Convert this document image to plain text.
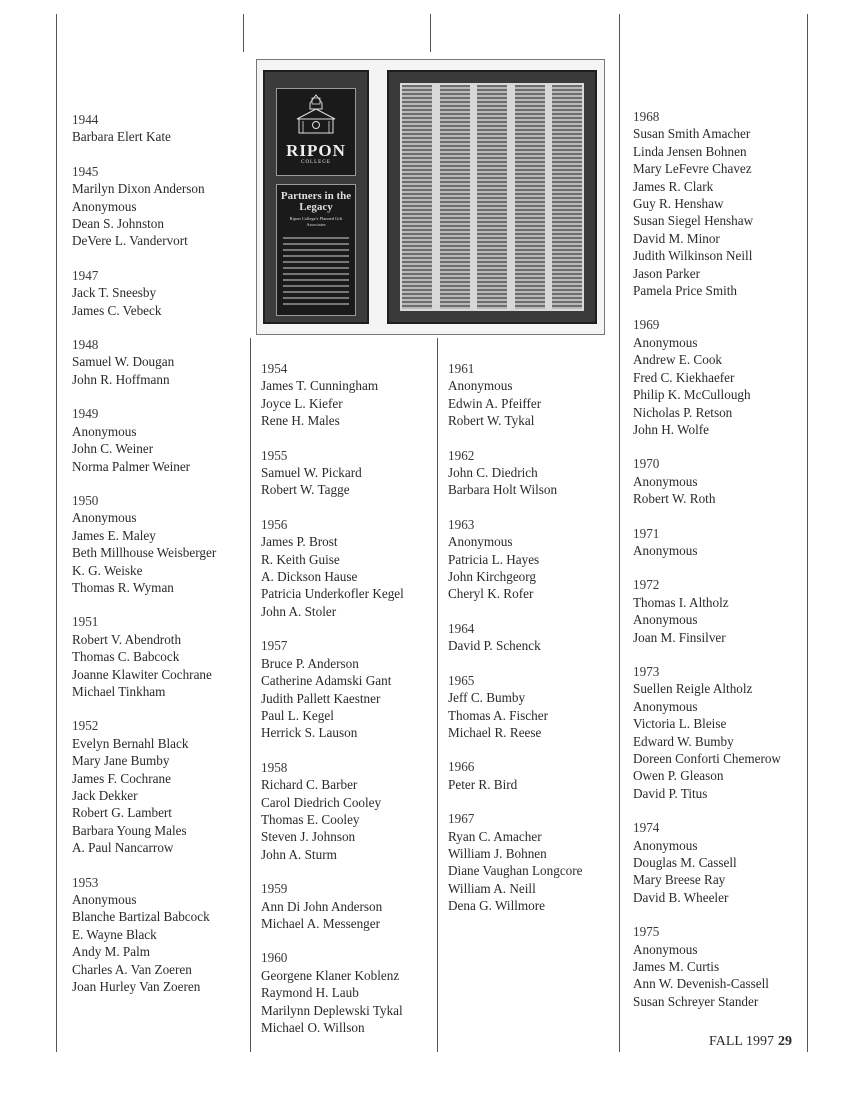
RIPON
COLLEGE
Partners in the Legacy
Ripon College's Planned Gift Associates
1944
Barbara Elert Kate
1945
Marilyn Dixon Anderson
Anonymous
Dean S. Johnston
DeVere L. Vandervort
1947
Jack T. Sneesby
James C. Vebeck
1948
Samuel W. Dougan
John R. Hoffmann
1949
Anonymous
John C. Weiner
Norma Palmer Weiner
1950
Anonymous
James E. Maley
Beth Millhouse Weisberger
K. G. Weiske
Thomas R. Wyman
1951
Robert V. Abendroth
Thomas C. Babcock
Joanne Klawiter Cochrane
Michael Tinkham
1952
Evelyn Bernahl Black
Mary Jane Bumby
James F. Cochrane
Jack Dekker
Robert G. Lambert
Barbara Young Males
A. Paul Nancarrow
1953
Anonymous
Blanche Bartizal Babcock
E. Wayne Black
Andy M. Palm
Charles A. Van Zoeren
Joan Hurley Van Zoeren
1954
James T. Cunningham
Joyce L. Kiefer
Rene H. Males
1955
Samuel W. Pickard
Robert W. Tagge
1956
James P. Brost
R. Keith Guise
A. Dickson Hause
Patricia Underkofler Kegel
John A. Stoler
1957
Bruce P. Anderson
Catherine Adamski Gant
Judith Pallett Kaestner
Paul L. Kegel
Herrick S. Lauson
1958
Richard C. Barber
Carol Diedrich Cooley
Thomas E. Cooley
Steven J. Johnson
John A. Sturm
1959
Ann Di John Anderson
Michael A. Messenger
1960
Georgene Klaner Koblenz
Raymond H. Laub
Marilynn Deplewski Tykal
Michael O. Willson
1961
Anonymous
Edwin A. Pfeiffer
Robert W. Tykal
1962
John C. Diedrich
Barbara Holt Wilson
1963
Anonymous
Patricia L. Hayes
John Kirchgeorg
Cheryl K. Rofer
1964
David P. Schenck
1965
Jeff C. Bumby
Thomas A. Fischer
Michael R. Reese
1966
Peter R. Bird
1967
Ryan C. Amacher
William J. Bohnen
Diane Vaughan Longcore
William A. Neill
Dena G. Willmore
1968
Susan Smith Amacher
Linda Jensen Bohnen
Mary LeFevre Chavez
James R. Clark
Guy R. Henshaw
Susan Siegel Henshaw
David M. Minor
Judith Wilkinson Neill
Jason Parker
Pamela Price Smith
1969
Anonymous
Andrew E. Cook
Fred C. Kiekhaefer
Philip K. McCullough
Nicholas P. Retson
John H. Wolfe
1970
Anonymous
Robert W. Roth
1971
Anonymous
1972
Thomas I. Altholz
Anonymous
Joan M. Finsilver
1973
Suellen Reigle Altholz
Anonymous
Victoria L. Bleise
Edward W. Bumby
Doreen Conforti Chemerow
Owen P. Gleason
David P. Titus
1974
Anonymous
Douglas M. Cassell
Mary Breese Ray
David B. Wheeler
1975
Anonymous
James M. Curtis
Ann W. Devenish-Cassell
Susan Schreyer Stander
FALL 1997 29
